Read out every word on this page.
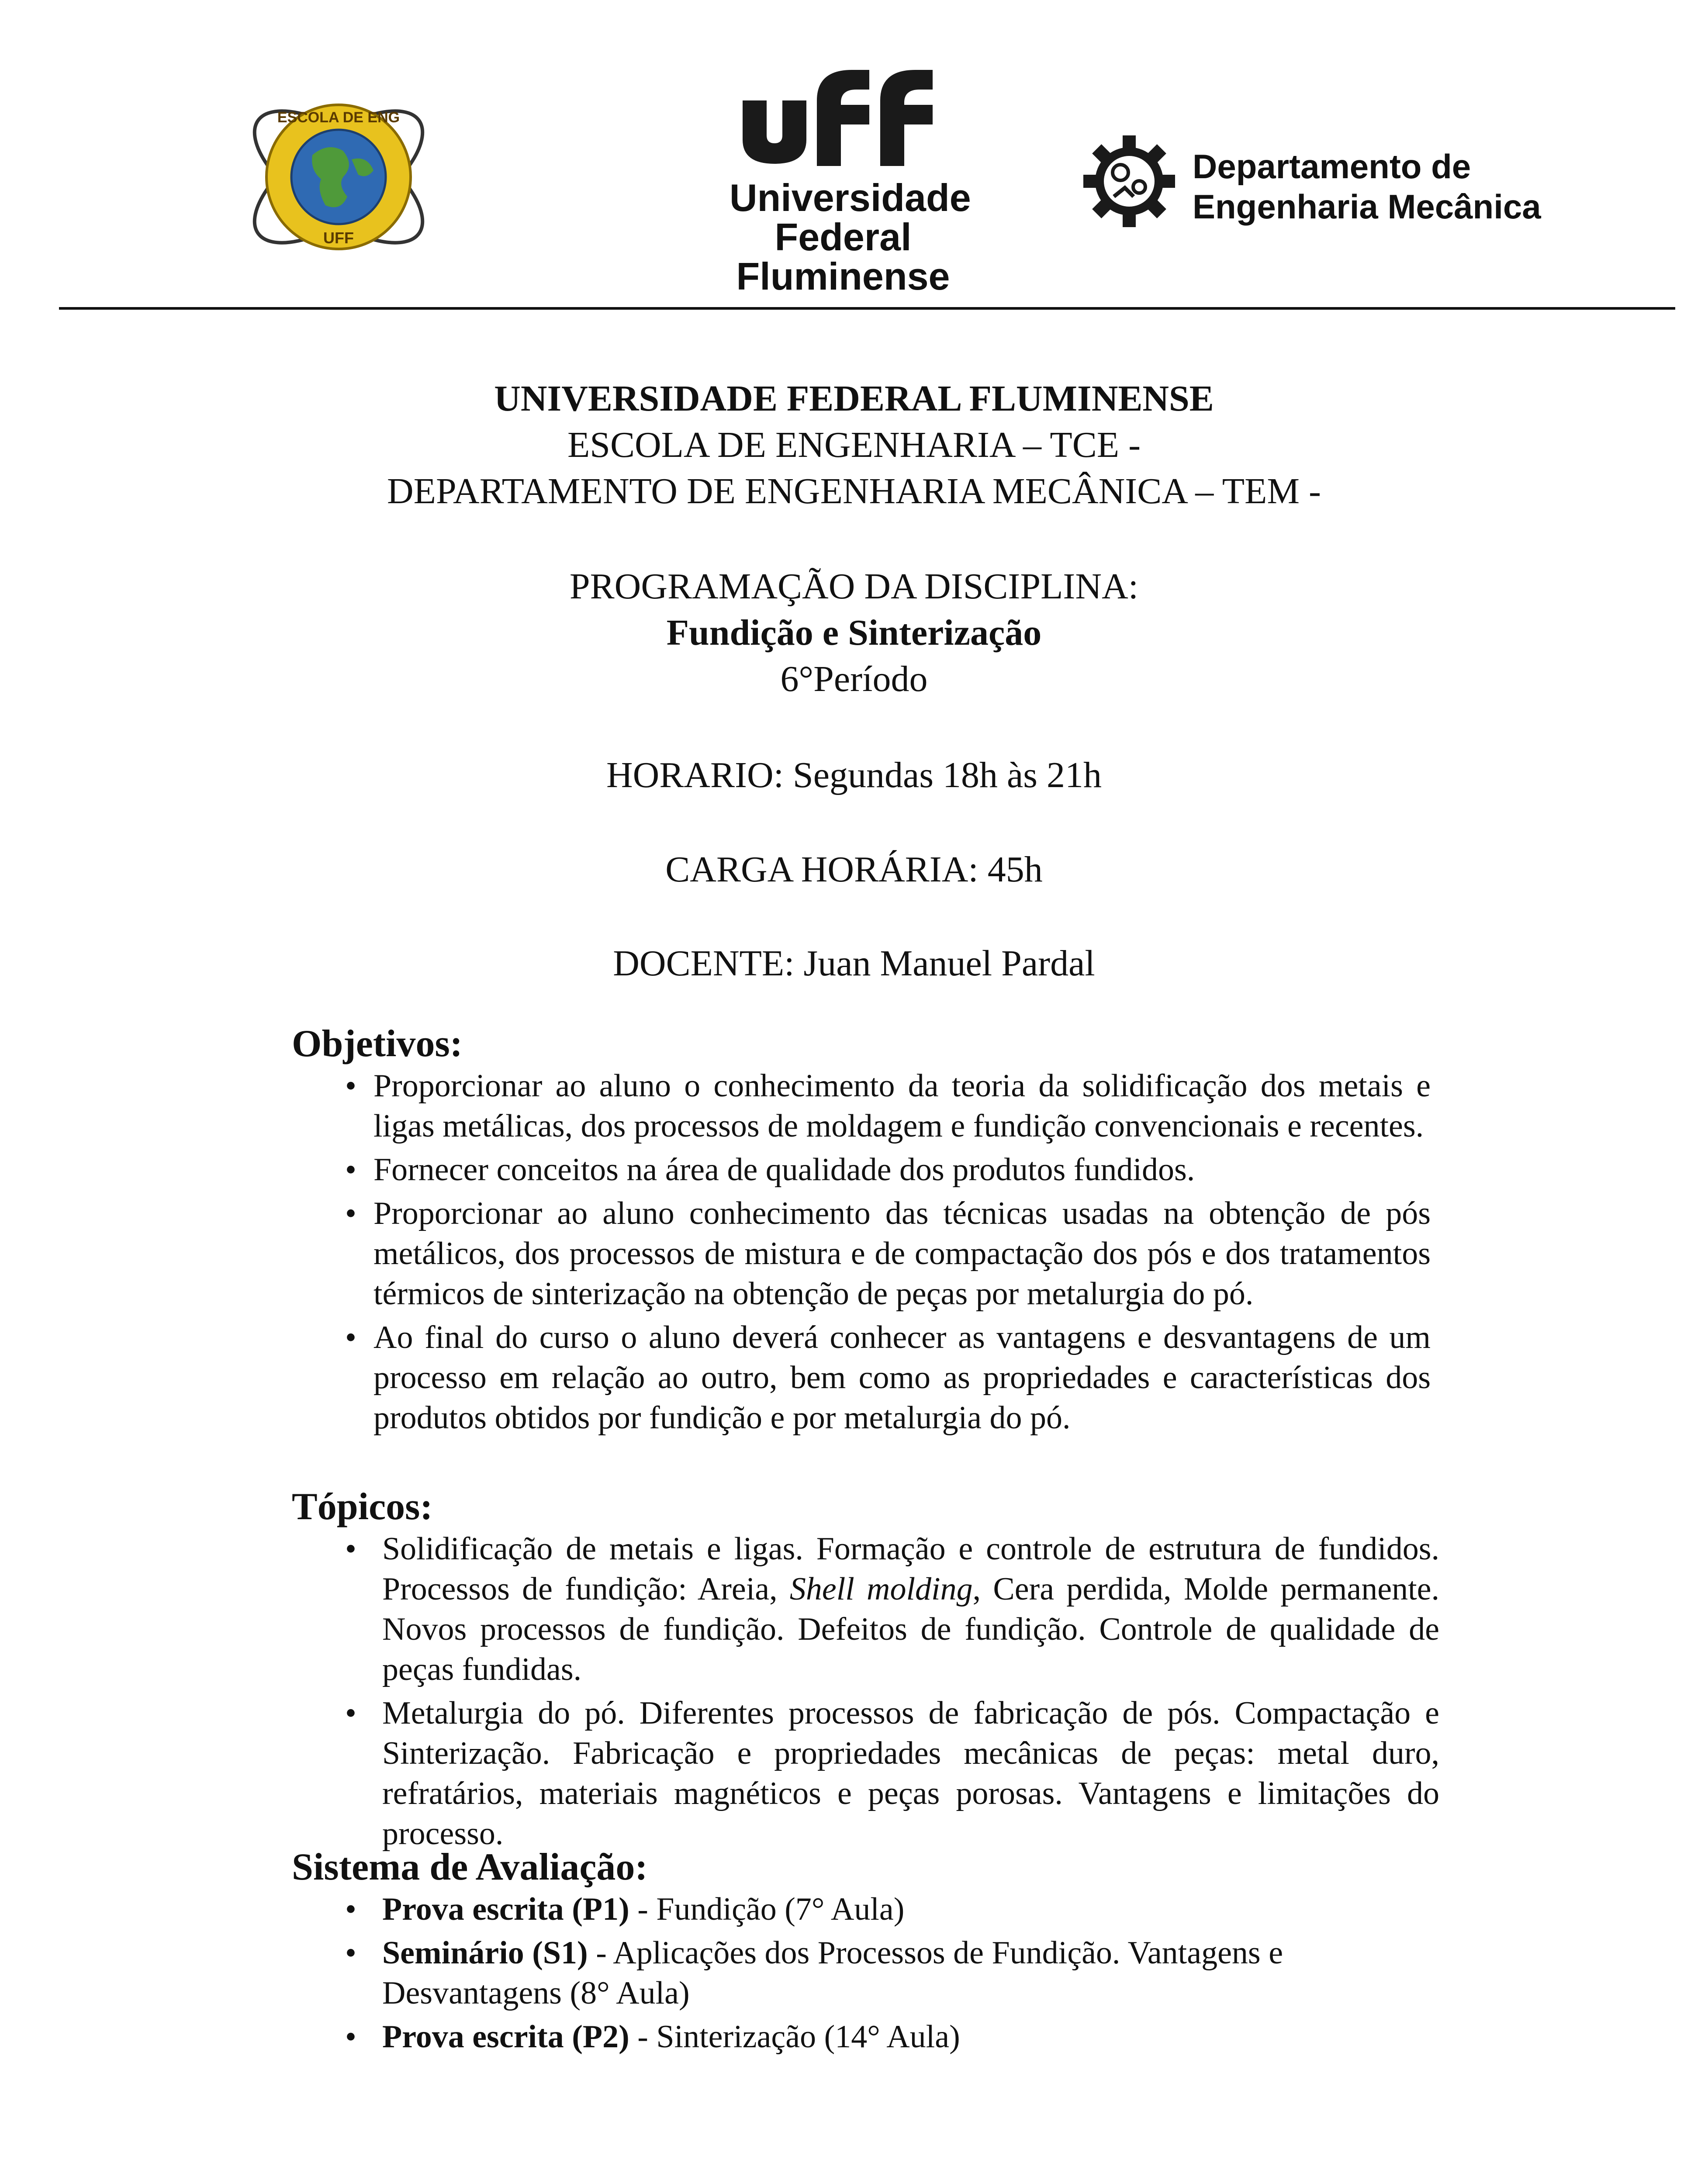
ESCOLA DE ENG
UFF
Universidade
Federal
Fluminense
Departamento de
Engenharia Mecânica
UNIVERSIDADE FEDERAL FLUMINENSE
ESCOLA DE ENGENHARIA – TCE -
DEPARTAMENTO DE ENGENHARIA MECÂNICA – TEM -
PROGRAMAÇÃO DA DISCIPLINA:
Fundição e Sinterização
6°Período
HORARIO: Segundas 18h às 21h
CARGA HORÁRIA: 45h
DOCENTE: Juan Manuel Pardal
Objetivos:
• Proporcionar ao aluno o conhecimento da teoria da solidificação dos metais e ligas metálicas, dos processos de moldagem e fundição convencionais e recentes.
• Fornecer conceitos na área de qualidade dos produtos fundidos.
• Proporcionar ao aluno conhecimento das técnicas usadas na obtenção de pós metálicos, dos processos de mistura e de compactação dos pós e dos tratamentos térmicos de sinterização na obtenção de peças por metalurgia do pó.
• Ao final do curso o aluno deverá conhecer as vantagens e desvantagens de um processo em relação ao outro, bem como as propriedades e características dos produtos obtidos por fundição e por metalurgia do pó.
Tópicos:
• Solidificação de metais e ligas. Formação e controle de estrutura de fundidos. Processos de fundição: Areia, Shell molding, Cera perdida, Molde permanente. Novos processos de fundição. Defeitos de fundição. Controle de qualidade de peças fundidas.
• Metalurgia do pó. Diferentes processos de fabricação de pós. Compactação e Sinterização. Fabricação e propriedades mecânicas de peças: metal duro, refratários, materiais magnéticos e peças porosas. Vantagens e limitações do processo.
Sistema de Avaliação:
• Prova escrita (P1) - Fundição (7° Aula)
• Seminário (S1) - Aplicações dos Processos de Fundição. Vantagens e Desvantagens (8° Aula)
• Prova escrita (P2) - Sinterização (14° Aula)
